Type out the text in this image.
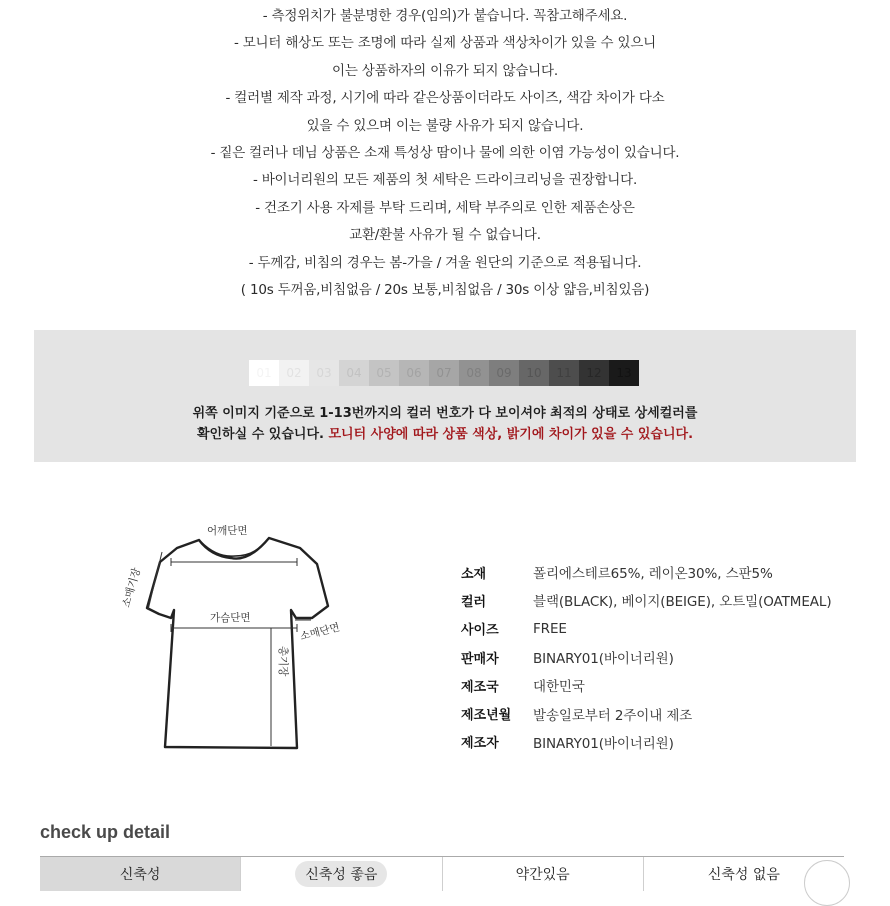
- 측정위치가 불분명한 경우(임의)가 붙습니다. 꼭참고해주세요.
- 모니터 해상도 또는 조명에 따라 실제 상품과 색상차이가 있을 수 있으니
이는 상품하자의 이유가 되지 않습니다.
- 컬러별 제작 과정, 시기에 따라 같은상품이더라도 사이즈, 색감 차이가 다소
있을 수 있으며 이는 불량 사유가 되지 않습니다.
- 짙은 컬러나 데님 상품은 소재 특성상 땀이나 물에 의한 이염 가능성이 있습니다.
- 바이너리원의 모든 제품의 첫 세탁은 드라이크리닝을 권장합니다.
- 건조기 사용 자제를 부탁 드리며, 세탁 부주의로 인한 제품손상은
교환/환불 사유가 될 수 없습니다.
- 두께감, 비침의 경우는 봄-가을 / 겨울 원단의 기준으로 적용됩니다.
( 10s 두꺼움,비침없음 / 20s 보통,비침없음 / 30s 이상 얇음,비침있음)
01	02	03	04	05	06	07	08	09	10	11	12	13
위쪽 이미지 기준으로 1-13번까지의 컬러 번호가 다 보이셔야 최적의 상태로 상세컬러를
확인하실 수 있습니다. 모니터 사양에 따라 상품 색상, 밝기에 차이가 있을 수 있습니다.
어깨단면
소매기장
가슴단면
소매단면
총기장
소재	폴리에스테르65%, 레이온30%, 스판5%
컬러	블랙(BLACK), 베이지(BEIGE), 오트밀(OATMEAL)
사이즈	FREE
판매자	BINARY01(바이너리원)
제조국	대한민국
제조년월	발송일로부터 2주이내 제조
제조자	BINARY01(바이너리원)
check up detail
신축성	신축성 좋음	약간있음	신축성 없음
